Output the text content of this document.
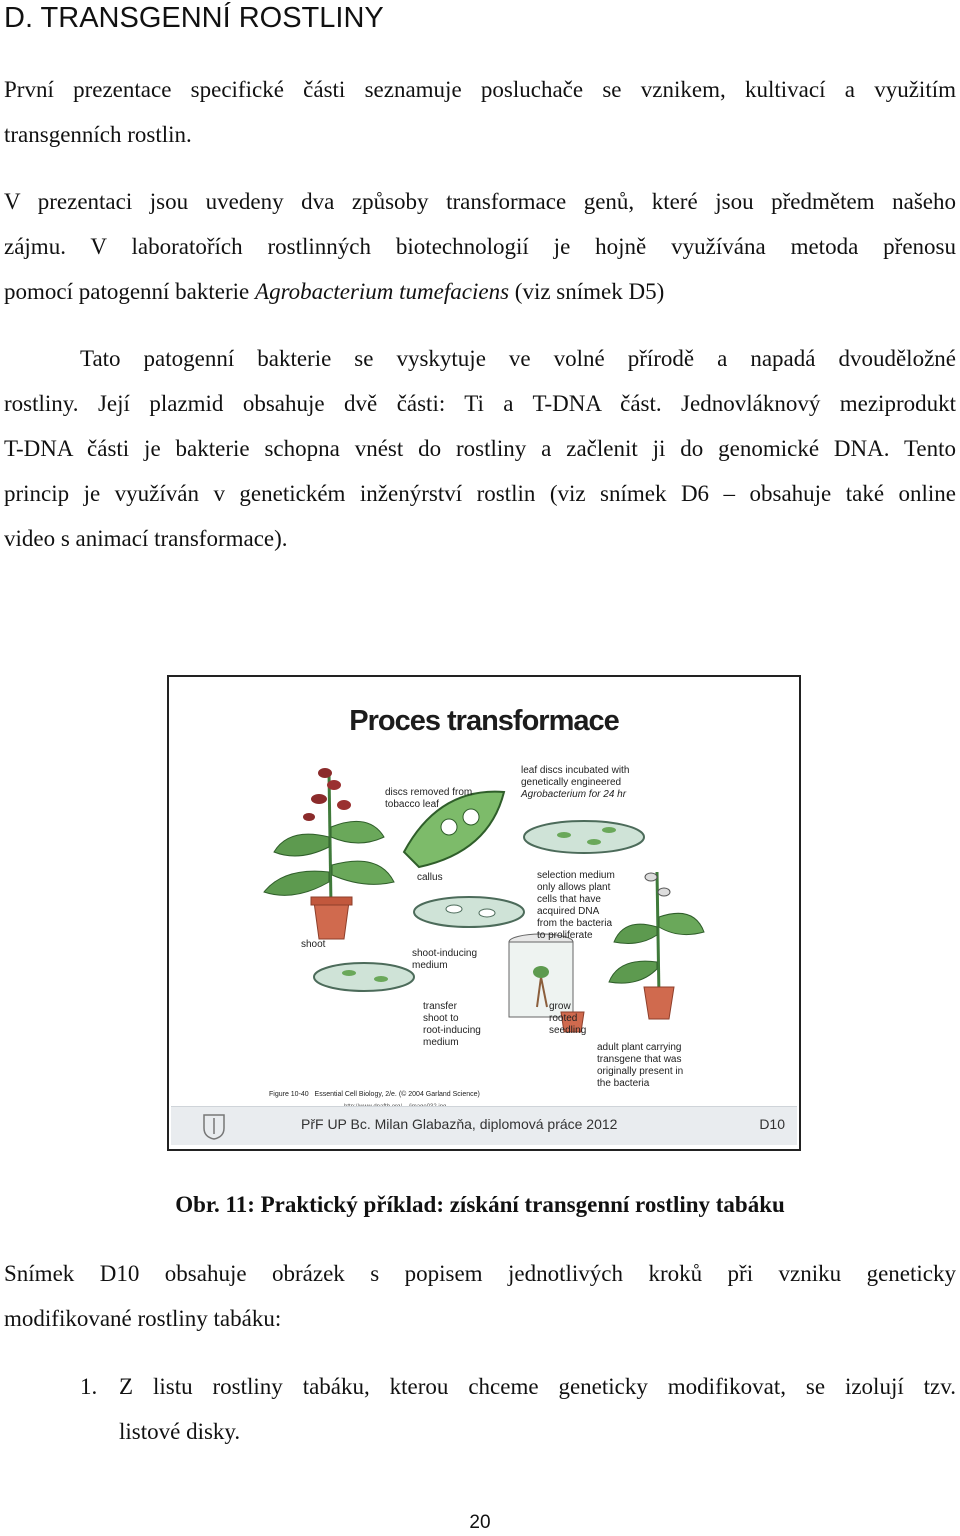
D. TRANSGENNÍ ROSTLINY
První prezentace specifické části seznamuje posluchače se vznikem, kultivací a využitím
transgenních rostlin.
V prezentaci jsou uvedeny dva způsoby transformace genů, které jsou předmětem našeho
zájmu. V laboratořích rostlinných biotechnologií je hojně využívána metoda přenosu
pomocí patogenní bakterie Agrobacterium tumefaciens (viz snímek D5)
Tato patogenní bakterie se vyskytuje ve volné přírodě a napadá dvouděložné
rostliny. Její plazmid obsahuje dvě části: Ti a T-DNA část. Jednovláknový meziprodukt
T-DNA části je bakterie schopna vnést do rostliny a začlenit ji do genomické DNA. Tento
princip je využíván v genetickém inženýrství rostlin (viz snímek D6 – obsahuje také online
video s animací transformace).
Proces transformace
discs removed from
tobacco leaf
leaf discs incubated with
genetically engineered
Agrobacterium for 24 hr
callus	selection medium
only allows plant
cells that have
acquired DNA
from the bacteria
to proliferate
shoot
shoot-inducing
medium
transfer
shoot to
root-inducing
medium
grow
rooted
seedling
adult plant carrying
transgene that was
originally present in
the bacteria
Figure 10-40   Essential Cell Biology, 2/e. (© 2004 Garland Science)
PřF UP Bc. Milan Glabazňa, diplomová práce 2012	D10
Obr. 11: Praktický příklad: získání transgenní rostliny tabáku
Snímek D10 obsahuje obrázek s popisem jednotlivých kroků při vzniku geneticky
modifikované rostliny tabáku:
1. Z listu rostliny tabáku, kterou chceme geneticky modifikovat, se izolují tzv.
listové disky.
20
